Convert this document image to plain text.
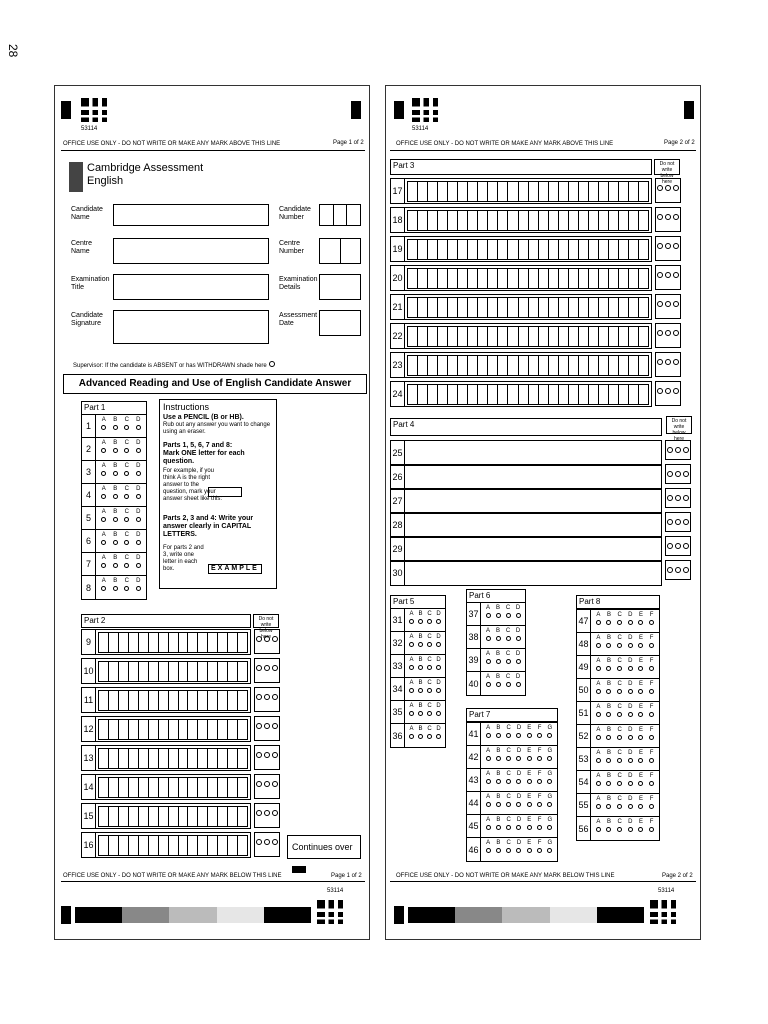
28
53114
OFFICE USE ONLY - DO NOT WRITE OR MAKE ANY MARK ABOVE THIS LINE	Page 1 of 2
Cambridge Assessment
English
Candidate Name
Candidate Number
Centre Name
Centre Number
Examination Title
Examination Details
Candidate Signature
Assessment Date
Supervisor: If the candidate is ABSENT or has WITHDRAWN shade here
Advanced Reading and Use of English Candidate Answer
Part 1
1
A B C D
2
A B C D
3
A B C D
4
A B C D
5
A B C D
6
A B C D
7
A B C D
8
A B C D
Instructions
Use a PENCIL (B or HB).
Rub out any answer you want to change using an eraser.
Parts 1, 5, 6, 7 and 8:
Mark ONE letter for each question.
For example, if you think A is the right answer to the question, mark your answer sheet like this:
Parts 2, 3 and 4: Write your answer clearly in CAPITAL LETTERS.
For parts 2 and 3, write one letter in each box.	EXAMPLE
Part 2	Do not write below here
Continues over
OFFICE USE ONLY - DO NOT WRITE OR MAKE ANY MARK BELOW THIS LINE	Page 1 of 2
53114
9
10
11
12
13
14
15
16
53114
OFFICE USE ONLY - DO NOT WRITE OR MAKE ANY MARK ABOVE THIS LINE	Page 2 of 2
Part 3	Do not write below here
Part 4	Do not write below here
Part 5
31
A B C D
32
A B C D
33
A B C D
34
A B C D
35
A B C D
36
A B C D
Part 6
37
A B C D
38
A B C D
39
A B C D
40
A B C D
Part 7
41
A B C D E F G
42
A B C D E F G
43
A B C D E F G
44
A B C D E F G
45
A B C D E F G
46
A B C D E F G
Part 8
47
A B C D E F
48
A B C D E F
49
A B C D E F
50
A B C D E F
51
A B C D E F
52
A B C D E F
53
A B C D E F
54
A B C D E F
55
A B C D E F
56
A B C D E F
OFFICE USE ONLY - DO NOT WRITE OR MAKE ANY MARK BELOW THIS LINE	Page 2 of 2
53114
17
18
19
20
21
22
23
24
25
26
27
28
29
30
